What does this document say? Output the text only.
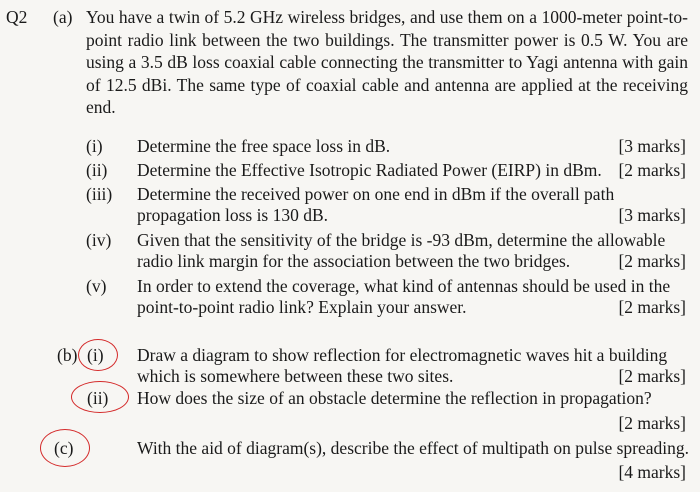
Q2 (a) You have a twin of 5.2 GHz wireless bridges, and use them on a 1000-meter point-to-point radio link between the two buildings. The transmitter power is 0.5 W. You are using a 3.5 dB loss coaxial cable connecting the transmitter to Yagi antenna with gain of 12.5 dBi. The same type of coaxial cable and antenna are applied at the receiving end.
(i) Determine the free space loss in dB.	[3 marks]
(ii) Determine the Effective Isotropic Radiated Power (EIRP) in dBm. [2 marks]
(iii) Determine the received power on one end in dBm if the overall path
propagation loss is 130 dB.	[3 marks]
(iv) Given that the sensitivity of the bridge is -93 dBm, determine the allowable
radio link margin for the association between the two bridges.	[2 marks]
(v) In order to extend the coverage, what kind of antennas should be used in the
point-to-point radio link? Explain your answer.	[2 marks]
(b) (i) Draw a diagram to show reflection for electromagnetic waves hit a building
which is somewhere between these two sites.	[2 marks]
(ii) How does the size of an obstacle determine the reflection in propagation?
[2 marks]
(c)	With the aid of diagram(s), describe the effect of multipath on pulse spreading.
[4 marks]
